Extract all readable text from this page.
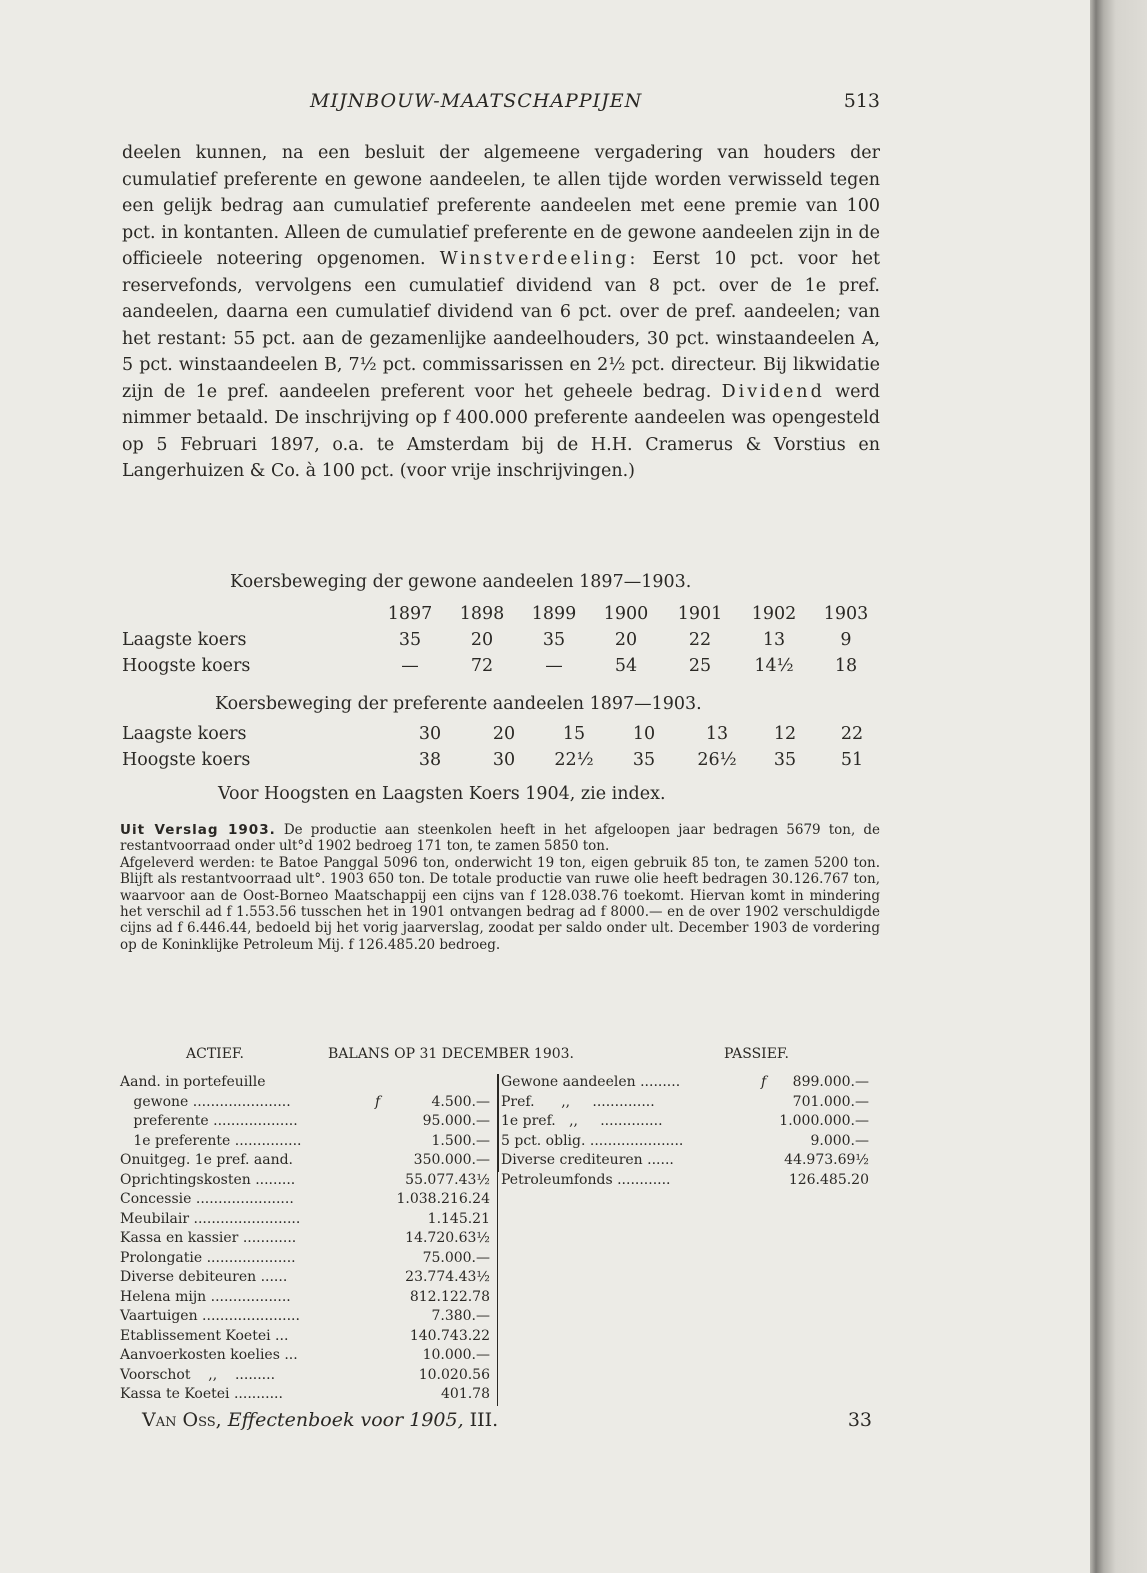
MIJNBOUW-MAATSCHAPPIJEN	513

deelen kunnen, na een besluit der algemeene vergadering van houders der cumulatief preferente en gewone aandeelen, te allen tijde worden verwisseld tegen een gelijk bedrag aan cumulatief preferente aandeelen met eene premie van 100 pct. in kontanten. Alleen de cumulatief preferente en de gewone aandeelen zijn in de officieele noteering opgenomen. Winstverdeeling: Eerst 10 pct. voor het reservefonds, vervolgens een cumulatief dividend van 8 pct. over de 1e pref. aandeelen, daarna een cumulatief dividend van 6 pct. over de pref. aandeelen; van het restant: 55 pct. aan de gezamenlijke aandeelhouders, 30 pct. winstaandeelen A, 5 pct. winstaandeelen B, 7½ pct. commissarissen en 2½ pct. directeur. Bij likwidatie zijn de 1e pref. aandeelen preferent voor het geheele bedrag. Dividend werd nimmer betaald. De inschrijving op f 400.000 preferente aandeelen was opengesteld op 5 Februari 1897, o.a. te Amsterdam bij de H.H. Cramerus & Vorstius en Langerhuizen & Co. à 100 pct. (voor vrije inschrijvingen.)

Koersbeweging der gewone aandeelen 1897—1903.
1897	1898	1899	1900	1901	1902	1903
Laagste koers	35	20	35	20	22	13	9
Hoogste koers	—	72	—	54	25	14½	18
Koersbeweging der preferente aandeelen 1897—1903.
Laagste koers	30	20	15	10	13	12	22
Hoogste koers	38	30	22½	35	26½	35	51
Voor Hoogsten en Laagsten Koers 1904, zie index.

Uit Verslag 1903. De productie aan steenkolen heeft in het afgeloopen jaar bedragen 5679 ton, de restantvoorraad onder ult°d 1902 bedroeg 171 ton, te zamen 5850 ton.

Afgeleverd werden: te Batoe Panggal 5096 ton, onderwicht 19 ton, eigen gebruik 85 ton, te zamen 5200 ton. Blijft als restantvoorraad ult°. 1903 650 ton. De totale productie van ruwe olie heeft bedragen 30.126.767 ton, waarvoor aan de Oost-Borneo Maatschappij een cijns van f 128.038.76 toekomt. Hiervan komt in mindering het verschil ad f 1.553.56 tusschen het in 1901 ontvangen bedrag ad f 8000.— en de over 1902 verschuldigde cijns ad f 6.446.44, bedoeld bij het vorig jaarverslag, zoodat per saldo onder ult. December 1903 de vordering op de Koninklijke Petroleum Mij. f 126.485.20 bedroeg.

ACTIEF.	BALANS OP 31 DECEMBER 1903.	PASSIEF.
Aand. in portefeuille
gewone ......................	f	4.500.—
preferente ...................	95.000.—
1e preferente ...............	1.500.—
Onuitgeg. 1e pref. aand.	350.000.—
Oprichtingskosten .........	55.077.43½
Concessie ......................	1.038.216.24
Meubilair ........................	1.145.21
Kassa en kassier ............	14.720.63½
Prolongatie ....................	75.000.—
Diverse debiteuren ......	23.774.43½
Helena mijn ..................	812.122.78
Vaartuigen ......................	7.380.—
Etablissement Koetei ...	140.743.22
Aanvoerkosten koelies ...	10.000.—
Voorschot    ,,    .........	10.020.56
Kassa te Koetei ...........	401.78
Gewone aandeelen .........	f 899.000.—
Pref.      ,,     ..............	701.000.—
1e pref.   ,,     ..............	1.000.000.—
5 pct. oblig. .....................	9.000.—
Diverse crediteuren ......	44.973.69½
Petroleumfonds ............	126.485.20
Van Oss, Effectenboek voor 1905, III.	33
